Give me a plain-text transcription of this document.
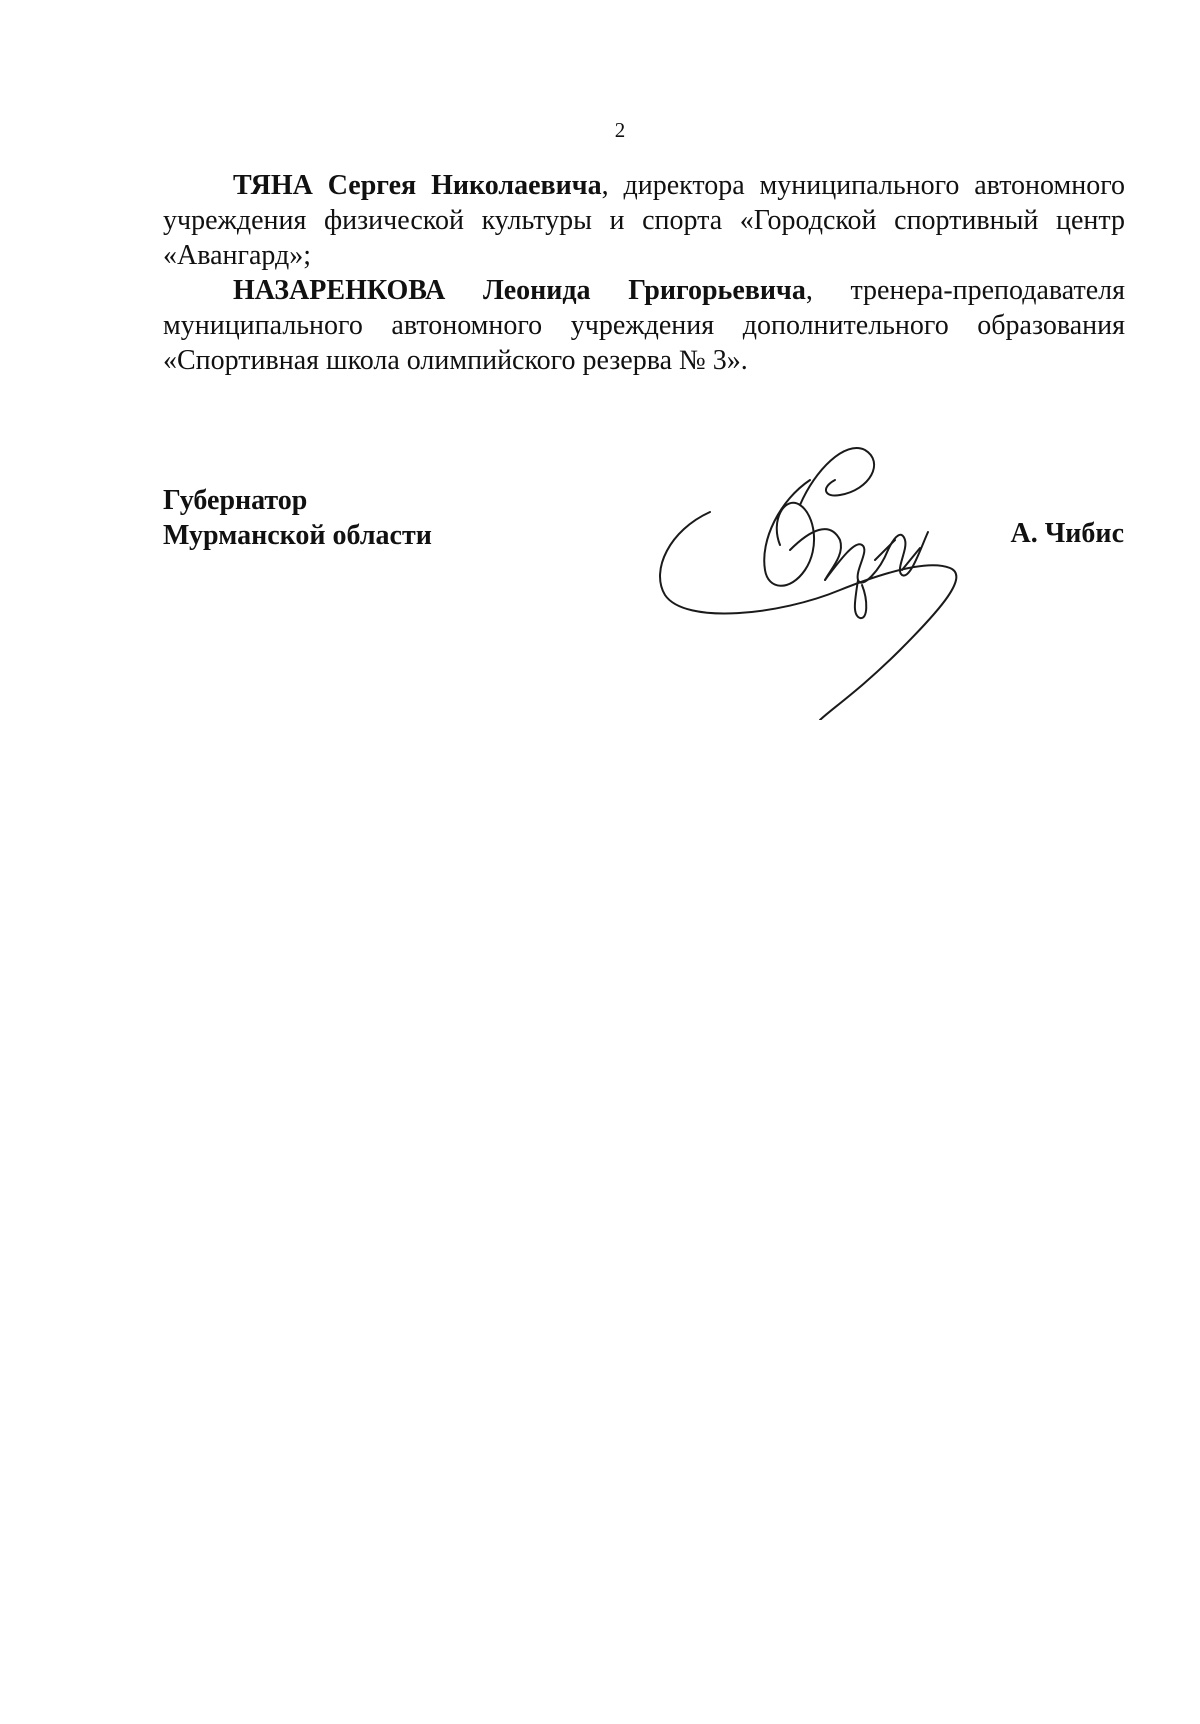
2

ТЯНА Сергея Николаевича, директора муниципального автономного учреждения физической культуры и спорта «Городской спортивный центр «Авангард»;

НАЗАРЕНКОВА Леонида Григорьевича, тренера-преподавателя муниципального автономного учреждения дополнительного образования «Спортивная школа олимпийского резерва № 3».

Губернатор
Мурманской области	А. Чибис
